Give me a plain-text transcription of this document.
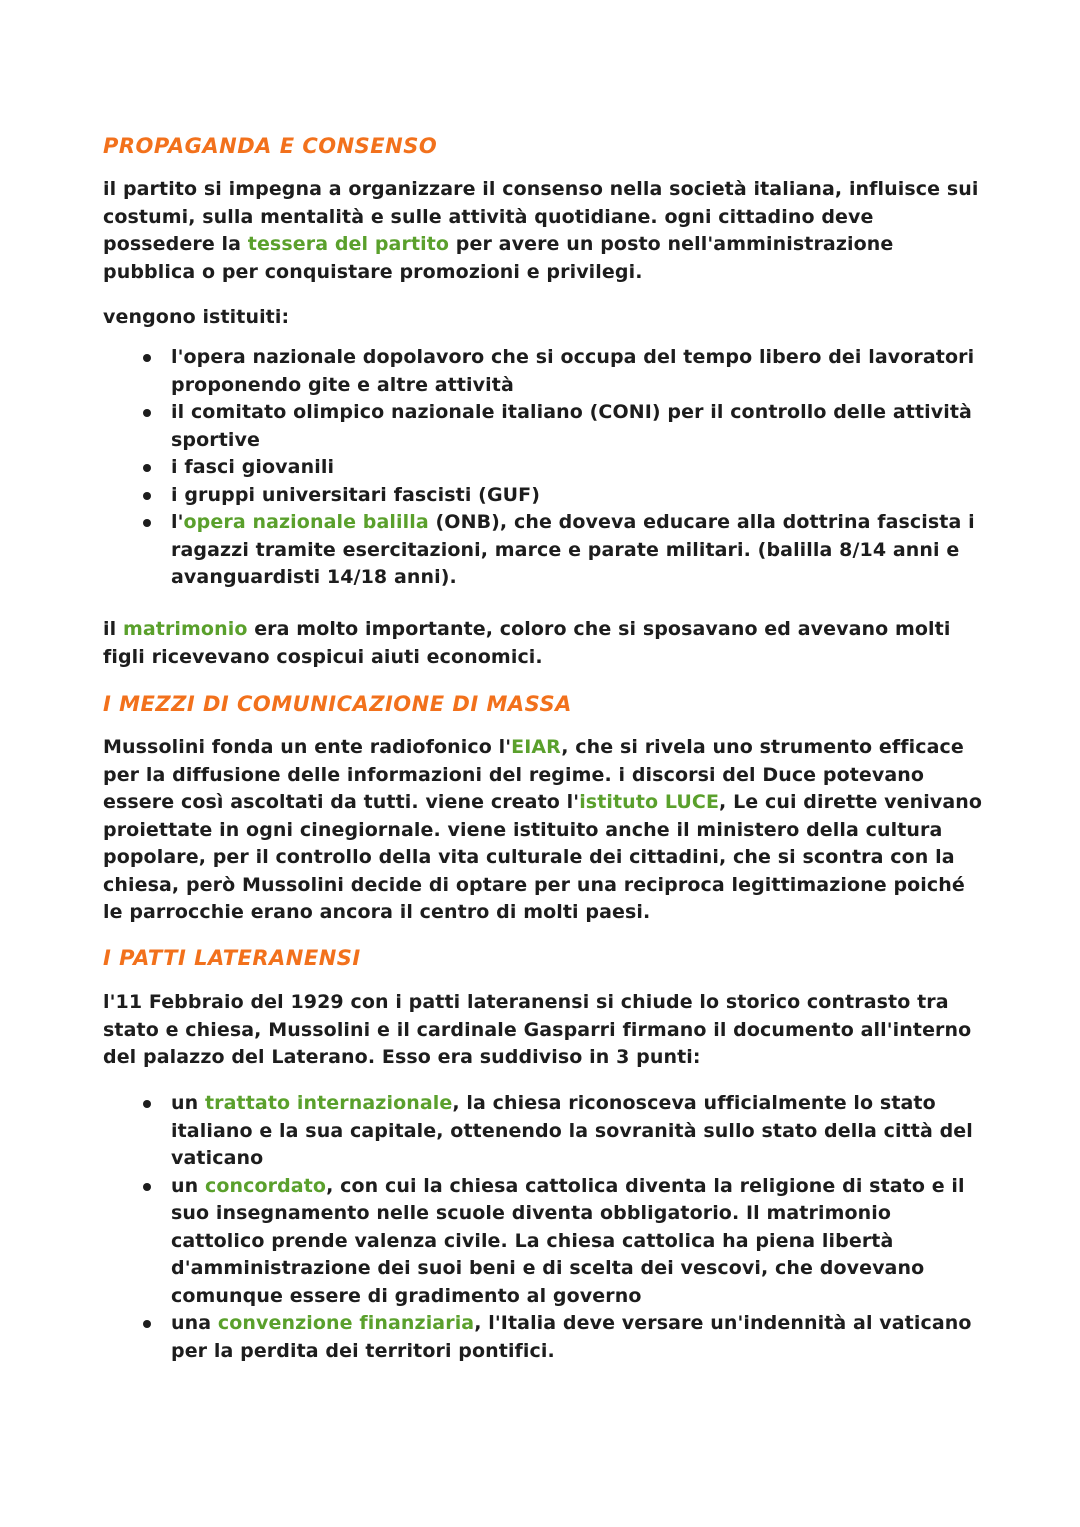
PROPAGANDA E CONSENSO

il partito si impegna a organizzare il consenso nella società italiana, influisce sui costumi, sulla mentalità e sulle attività quotidiane. ogni cittadino deve possedere la tessera del partito per avere un posto nell'amministrazione pubblica o per conquistare promozioni e privilegi.

vengono istituiti:

l'opera nazionale dopolavoro che si occupa del tempo libero dei lavoratori proponendo gite e altre attività
il comitato olimpico nazionale italiano (CONI) per il controllo delle attività sportive
i fasci giovanili
i gruppi universitari fascisti (GUF)
l'opera nazionale balilla (ONB), che doveva educare alla dottrina fascista i ragazzi tramite esercitazioni, marce e parate militari. (balilla 8/14 anni e avanguardisti 14/18 anni).

il matrimonio era molto importante, coloro che si sposavano ed avevano molti figli ricevevano cospicui aiuti economici.

I MEZZI DI COMUNICAZIONE DI MASSA

Mussolini fonda un ente radiofonico l'EIAR, che si rivela uno strumento efficace per la diffusione delle informazioni del regime. i discorsi del Duce potevano essere così ascoltati da tutti. viene creato l'istituto LUCE, Le cui dirette venivano proiettate in ogni cinegiornale. viene istituito anche il ministero della cultura popolare, per il controllo della vita culturale dei cittadini, che si scontra con la chiesa, però Mussolini decide di optare per una reciproca legittimazione poiché le parrocchie erano ancora il centro di molti paesi.

I PATTI LATERANENSI

l'11 Febbraio del 1929 con i patti lateranensi si chiude lo storico contrasto tra stato e chiesa, Mussolini e il cardinale Gasparri firmano il documento all'interno del palazzo del Laterano. Esso era suddiviso in 3 punti:

un trattato internazionale, la chiesa riconosceva ufficialmente lo stato italiano e la sua capitale, ottenendo la sovranità sullo stato della città del vaticano
un concordato, con cui la chiesa cattolica diventa la religione di stato e il suo insegnamento nelle scuole diventa obbligatorio. Il matrimonio cattolico prende valenza civile. La chiesa cattolica ha piena libertà d'amministrazione dei suoi beni e di scelta dei vescovi, che dovevano comunque essere di gradimento al governo
una convenzione finanziaria, l'Italia deve versare un'indennità al vaticano per la perdita dei territori pontifici.
